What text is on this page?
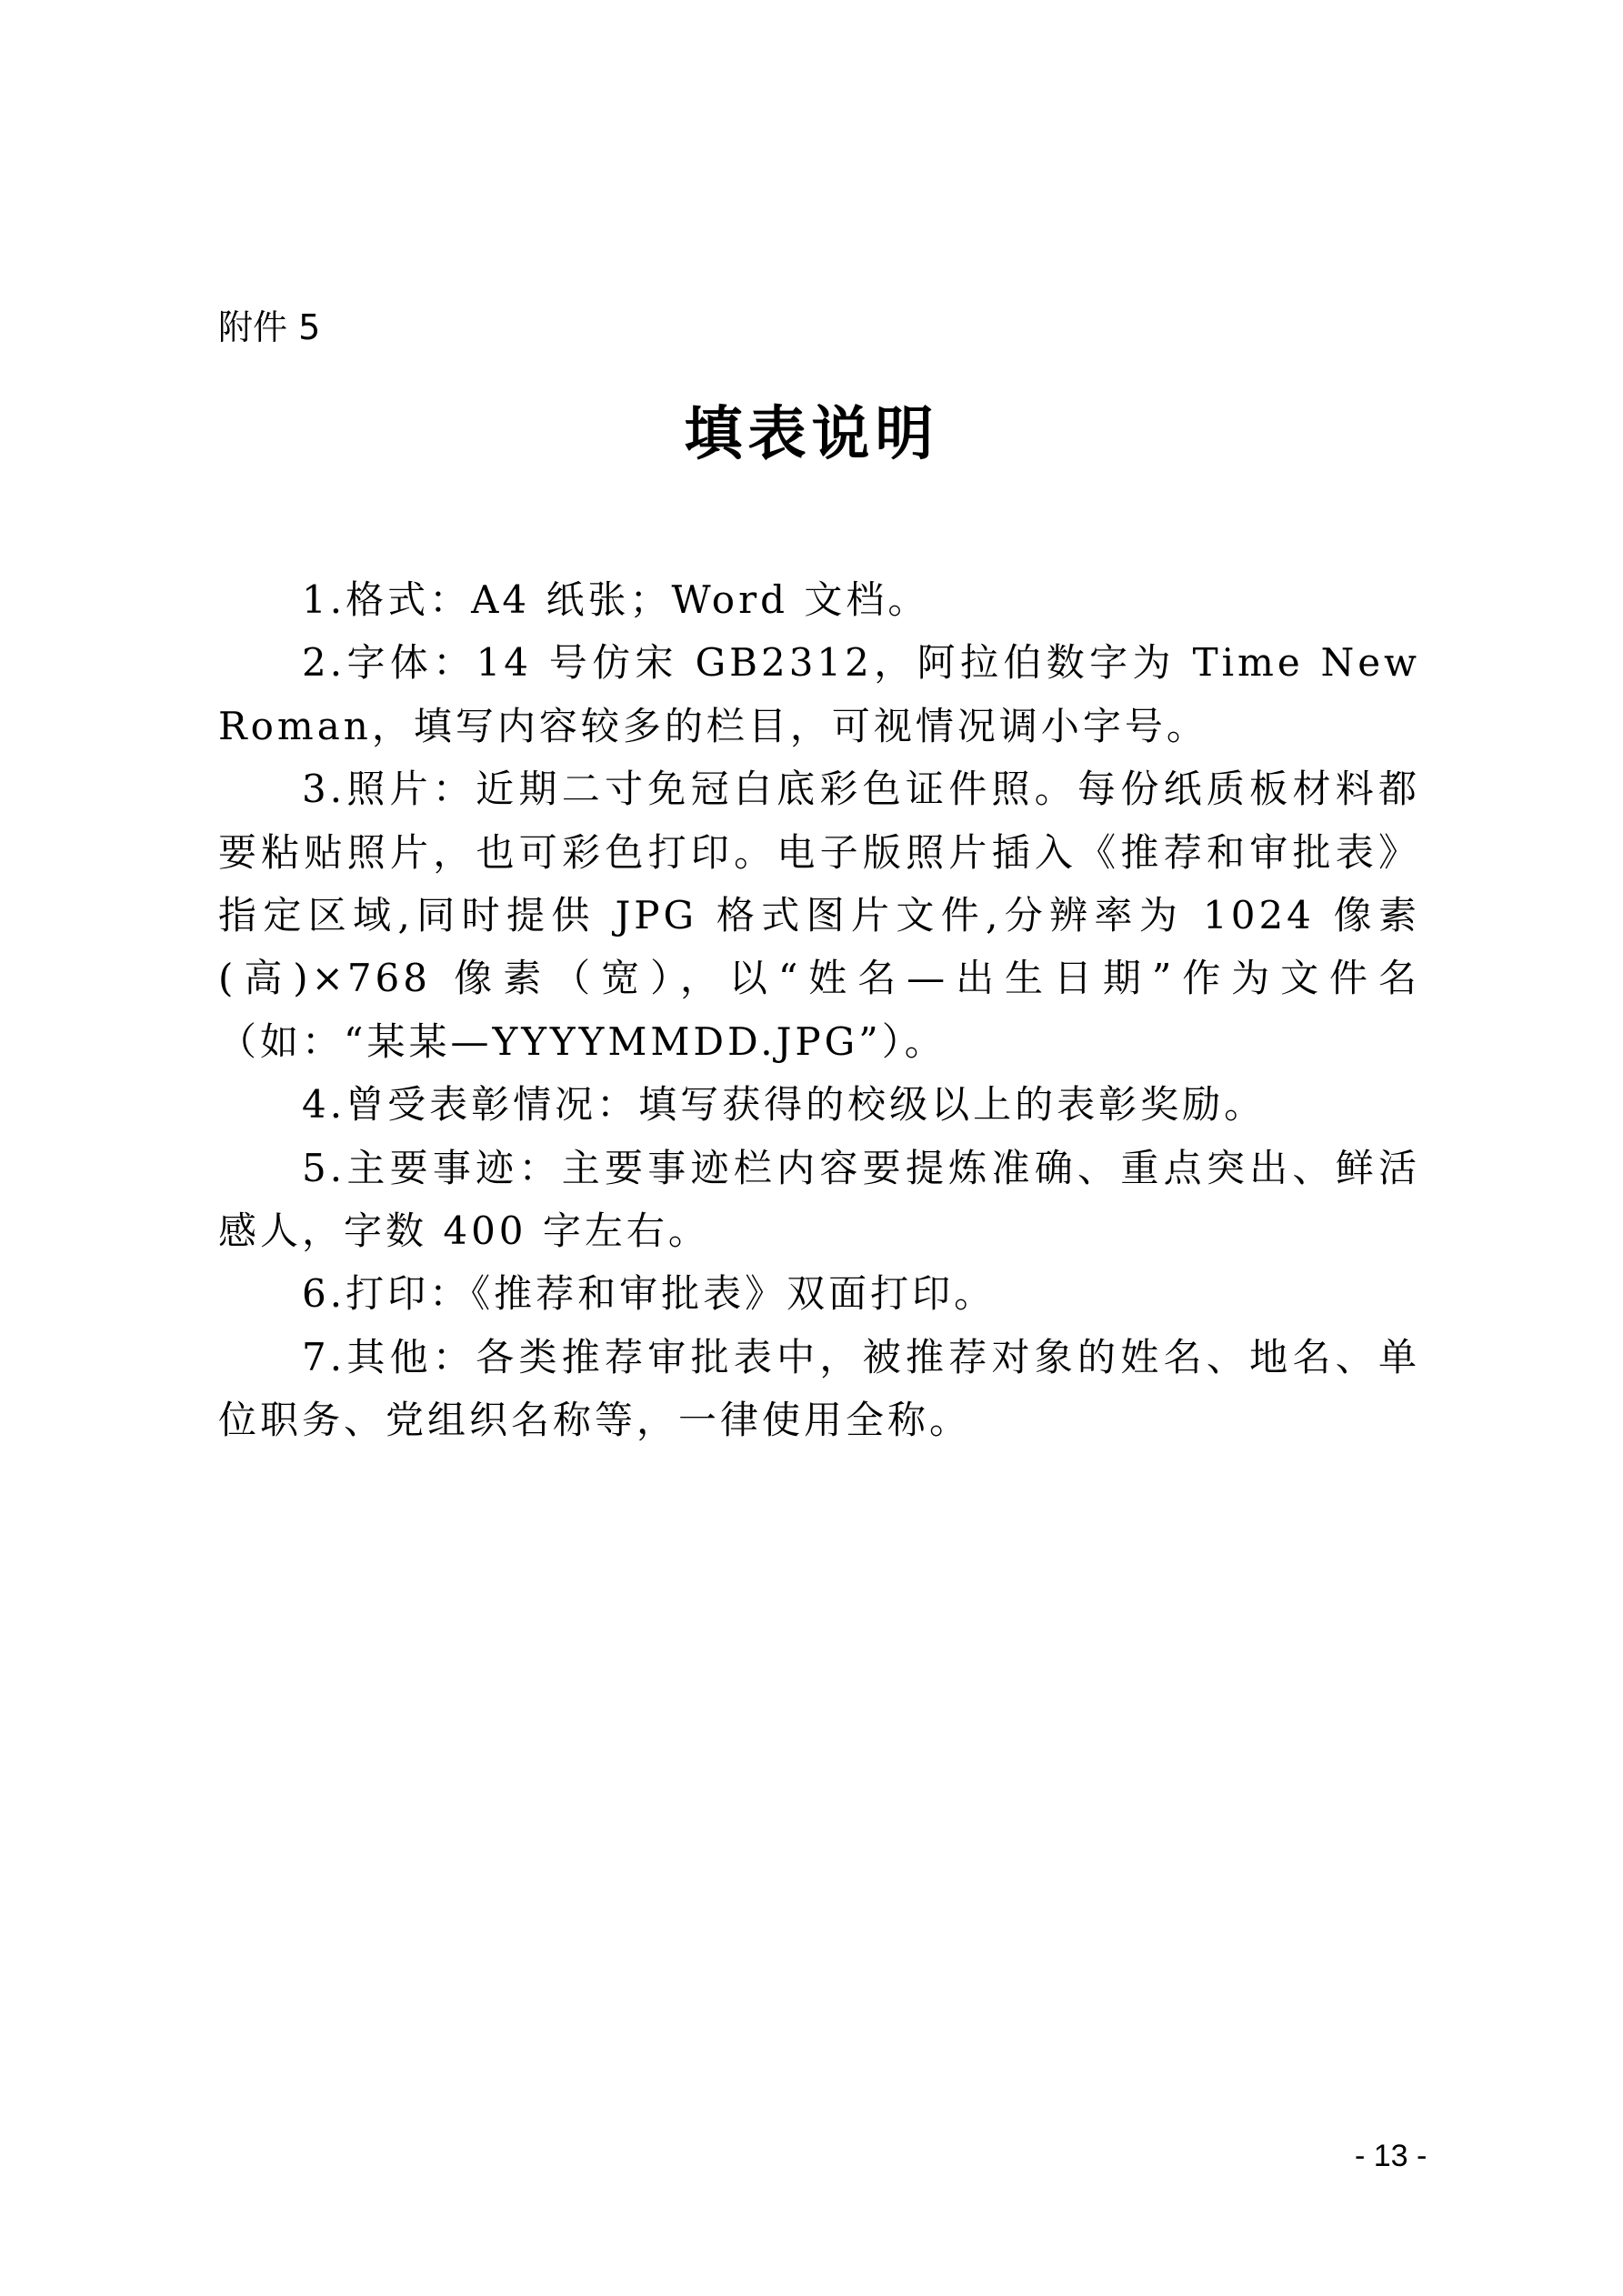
附件 5
填表说明

1.格式：A4 纸张；Word 文档。

2.字体：14 号仿宋 GB2312，阿拉伯数字为 Time New Roman，填写内容较多的栏目，可视情况调小字号。

3.照片：近期二寸免冠白底彩色证件照。每份纸质板材料都要粘贴照片，也可彩色打印。电子版照片插入《推荐和审批表》指定区域,同时提供 JPG 格式图片文件,分辨率为 1024 像素(高)×768 像素（宽），以“姓名—出生日期”作为文件名（如：“某某—YYYYMMDD.JPG”）。

4.曾受表彰情况：填写获得的校级以上的表彰奖励。

5.主要事迹：主要事迹栏内容要提炼准确、重点突出、鲜活感人，字数 400 字左右。

6.打印：《推荐和审批表》双面打印。

7.其他：各类推荐审批表中，被推荐对象的姓名、地名、单位职务、党组织名称等，一律使用全称。

- 13 -
